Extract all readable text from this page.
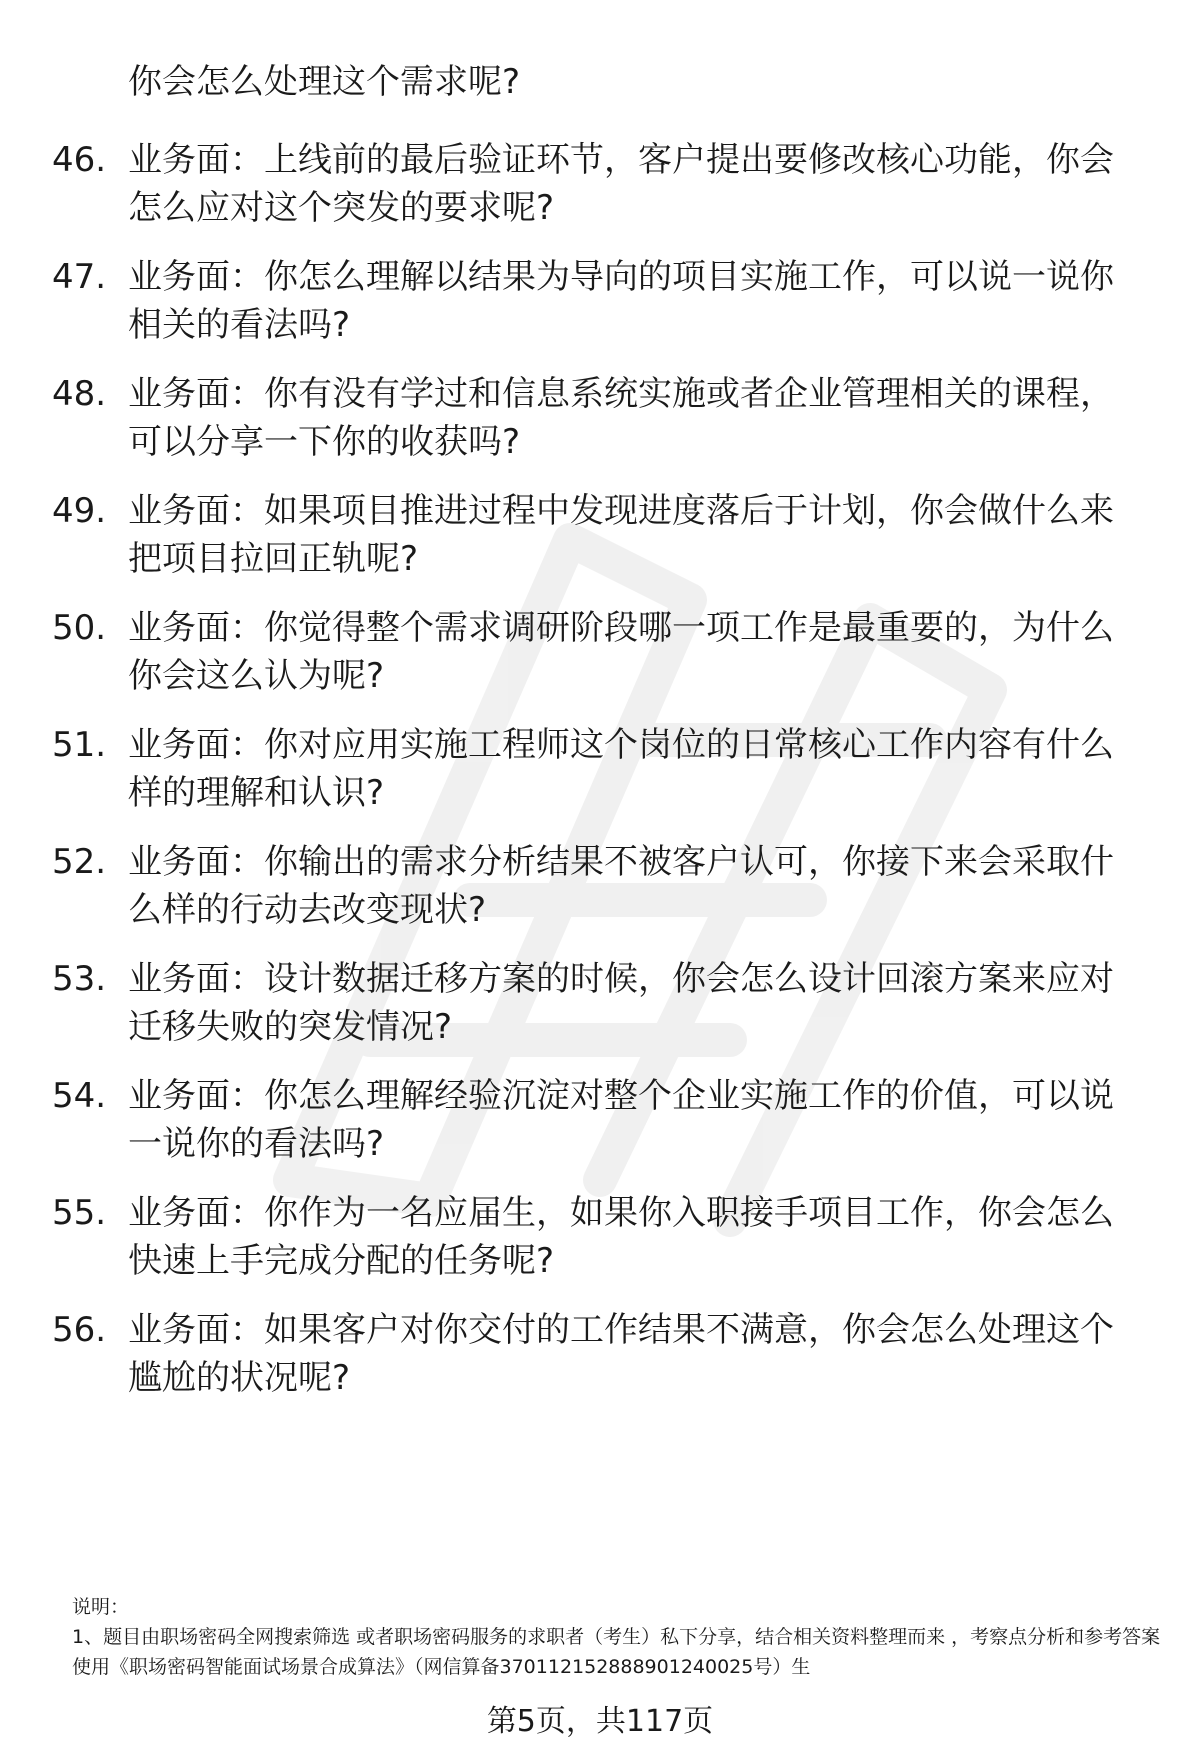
你会怎么处理这个需求呢?

46. 业务面：上线前的最后验证环节，客户提出要修改核心功能，你会怎么应对这个突发的要求呢?
47. 业务面：你怎么理解以结果为导向的项目实施工作，可以说一说你相关的看法吗?
48. 业务面：你有没有学过和信息系统实施或者企业管理相关的课程，可以分享一下你的收获吗?
49. 业务面：如果项目推进过程中发现进度落后于计划，你会做什么来把项目拉回正轨呢?
50. 业务面：你觉得整个需求调研阶段哪一项工作是最重要的，为什么你会这么认为呢?
51. 业务面：你对应用实施工程师这个岗位的日常核心工作内容有什么样的理解和认识?
52. 业务面：你输出的需求分析结果不被客户认可，你接下来会采取什么样的行动去改变现状?
53. 业务面：设计数据迁移方案的时候，你会怎么设计回滚方案来应对迁移失败的突发情况?
54. 业务面：你怎么理解经验沉淀对整个企业实施工作的价值，可以说一说你的看法吗?
55. 业务面：你作为一名应届生，如果你入职接手项目工作，你会怎么快速上手完成分配的任务呢?
56. 业务面：如果客户对你交付的工作结果不满意，你会怎么处理这个尴尬的状况呢?

说明：

1、题目由职场密码全网搜索筛选 或者职场密码服务的求职者（考生）私下分享，结合相关资料整理而来 ，考察点分析和参考答案使用《职场密码智能面试场景合成算法》（网信算备370112152888901240025号）生

第5页，共117页
